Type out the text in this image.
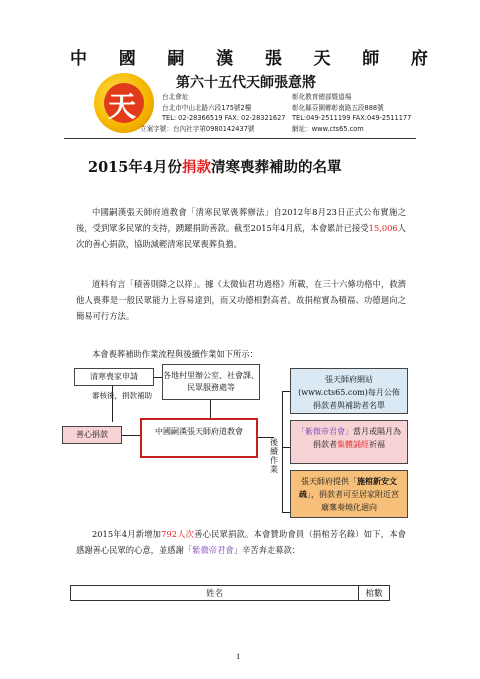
中 國 嗣 漢 張 天 師 府
天
第六十五代天師張意將
台北會址
台北市中山北路六段175號2樓
TEL: 02-28366519 FAX: 02-28321627
立案字號：台內社字第0980142437號
彰化教育總部暨道場
彰化縣芬園鄉彰南路五段888號
TEL:049-2511199 FAX:049-2511177
網址：www.cts65.com
2015年4月份捐款清寒喪葬補助的名單
中國嗣漢張天師府道教會「清寒民眾喪葬辦法」自2012年8月23日正式公布實施之後，受到眾多民眾的支持，踴躍捐助善款。截至2015年4月底，本會累計已接受15,006人次的善心捐款，協助減輕清寒民眾喪葬負擔。
道料有言「積善則降之以祥」。據《太微仙君功過格》所載，在三十六條功格中，救濟他人喪葬是一般民眾能力上容易達到，而又功德相對高者。故捐棺實為積福、功德迴向之簡易可行方法。
本會喪葬補助作業流程與後續作業如下所示：
清寒喪家申請	各地村里辦公室、社會課、民眾服務處等
審核後，捐款補助
善心捐款	中國嗣漢張天師府道教會
後續作業
張天師府網站(www.cts65.com)每月公佈捐款者與補助者名單
「紫微帝君會」當月或隔月為捐款者集體誦經祈福
張天師府提供「施棺新安文疏」，捐款者可至居家附近宮廟稟奏燒化迴向
2015年4月新增加792人次善心民眾捐款。本會贊助會員（捐棺芳名錄）如下，本會感謝善心民眾的心意，並感謝「紫微帝君會」辛苦奔走募款：
姓名	棺數
1
